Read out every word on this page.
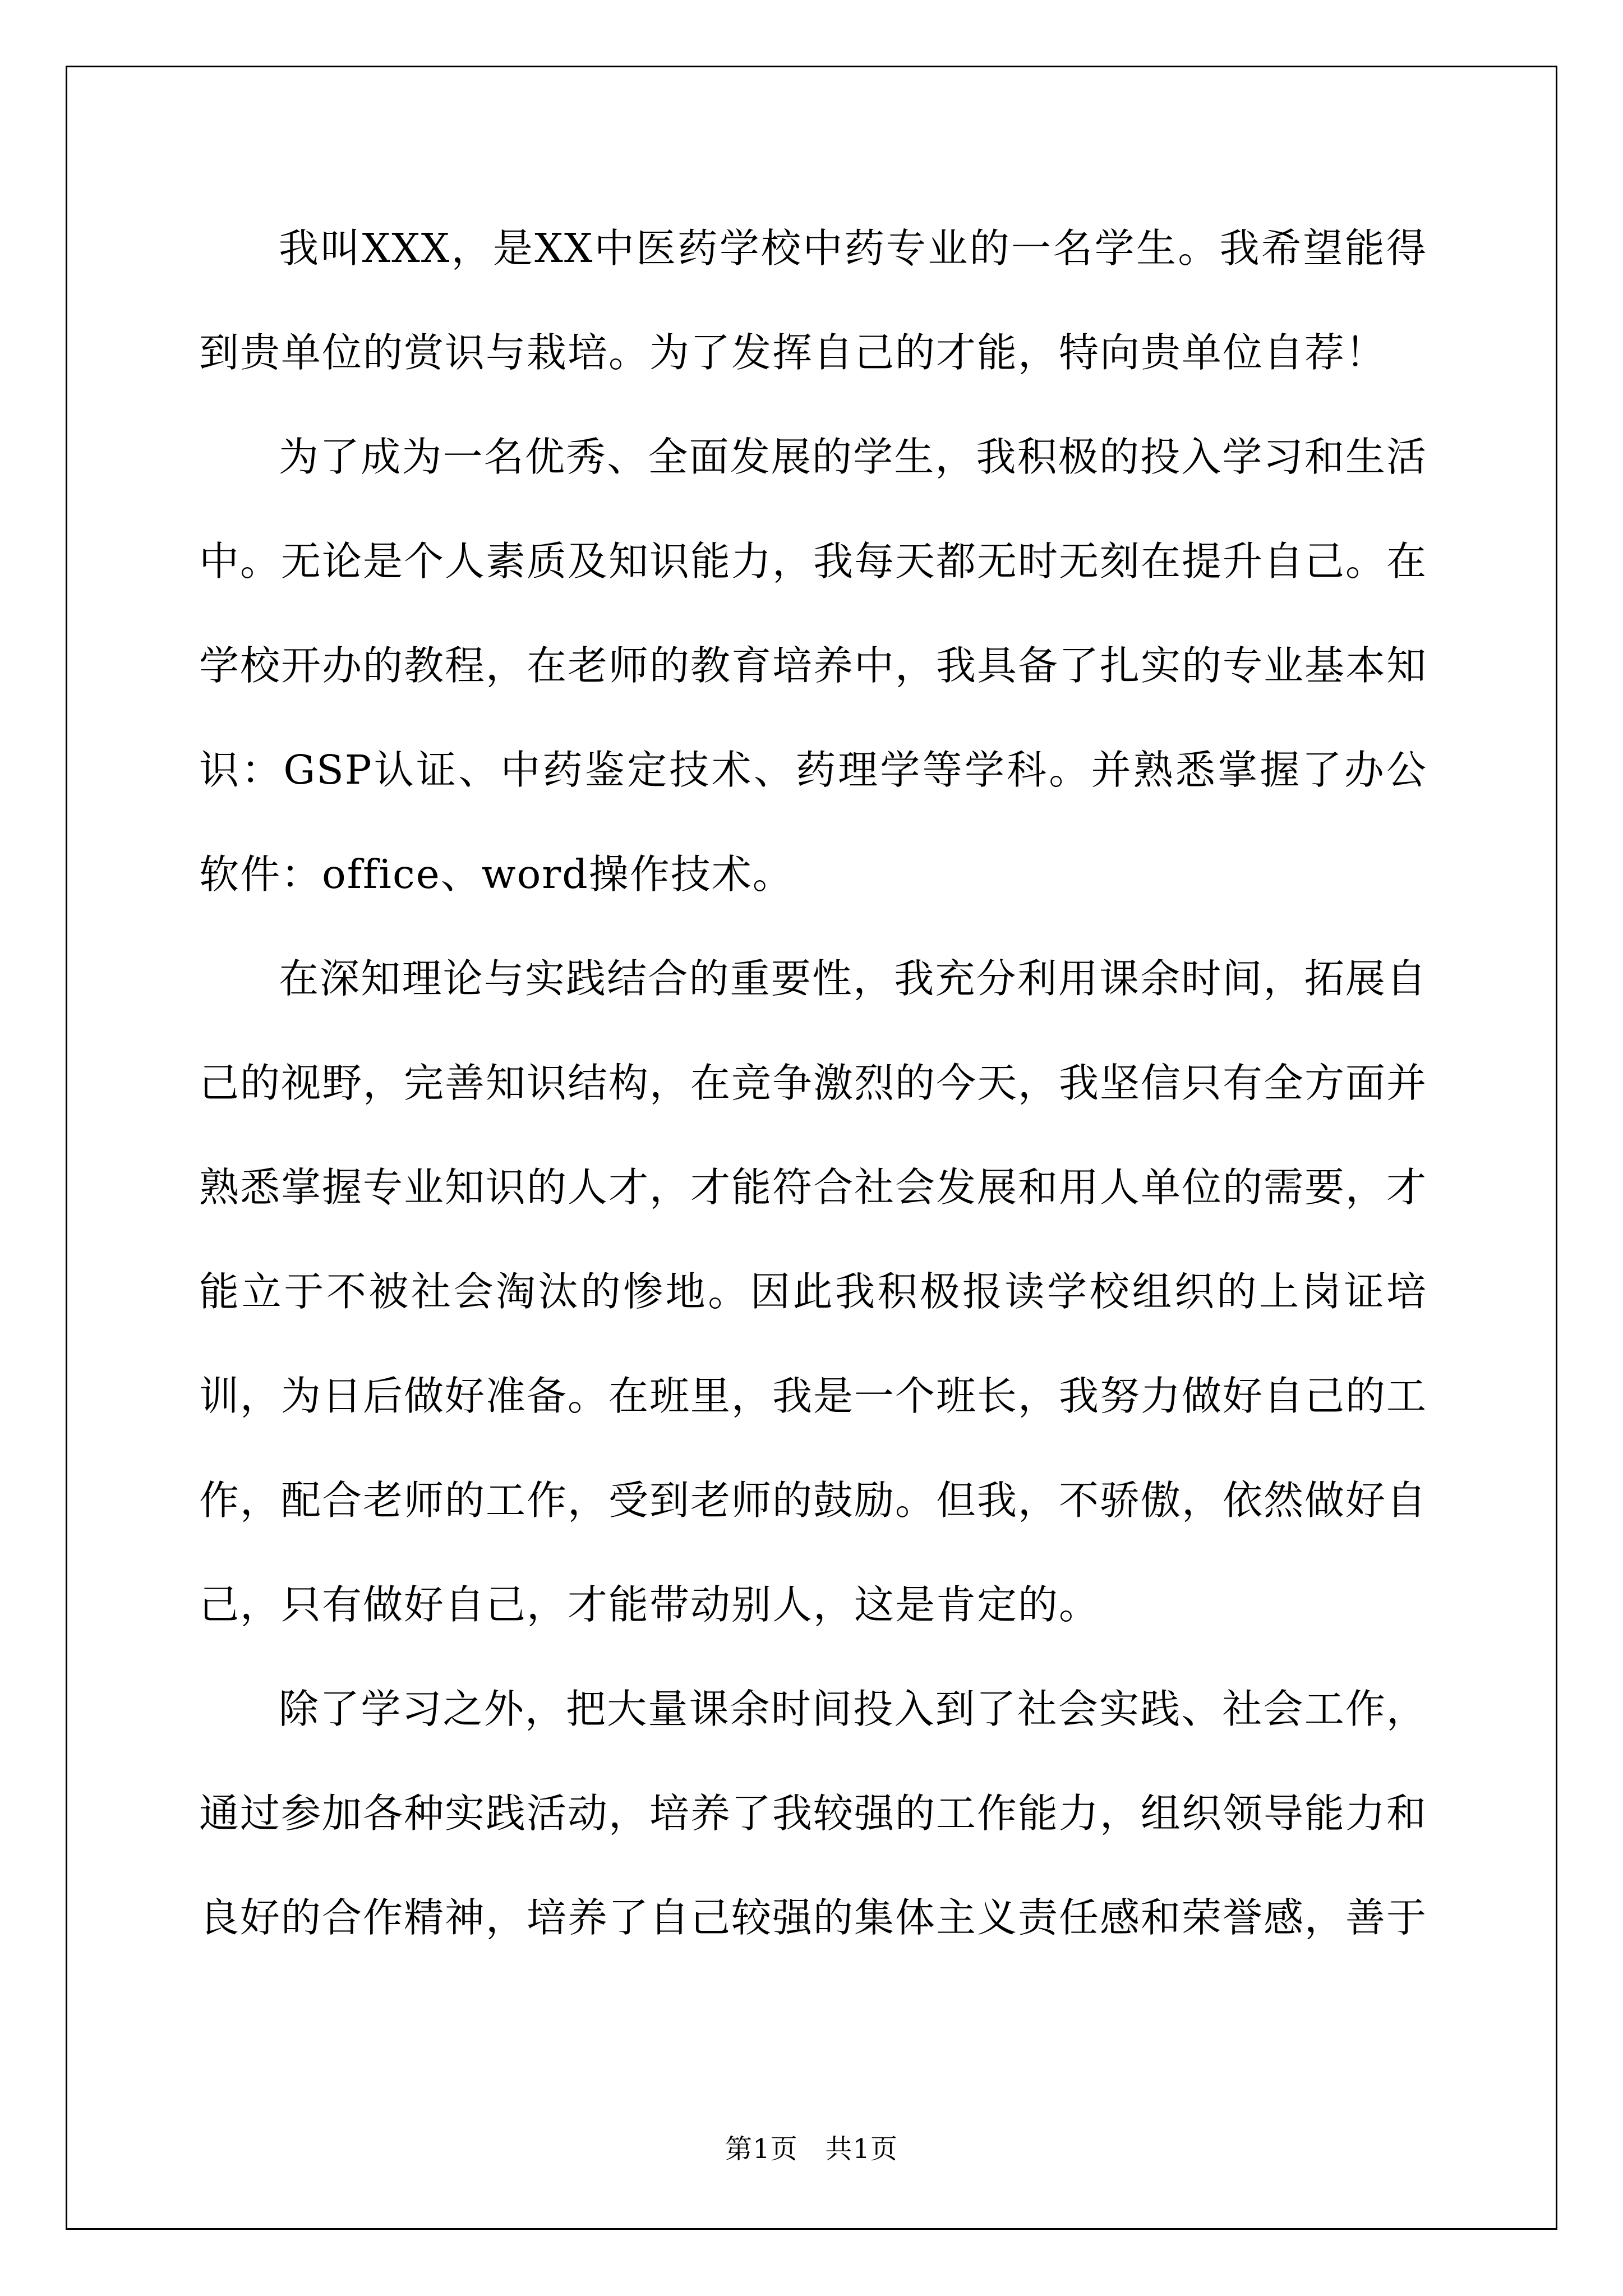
我叫XXX，是XX中医药学校中药专业的一名学生。我希望能得到贵单位的赏识与栽培。为了发挥自己的才能，特向贵单位自荐！

为了成为一名优秀、全面发展的学生，我积极的投入学习和生活中。无论是个人素质及知识能力，我每天都无时无刻在提升自己。在学校开办的教程，在老师的教育培养中，我具备了扎实的专业基本知识：GSP认证、中药鉴定技术、药理学等学科。并熟悉掌握了办公软件：office、word操作技术。

在深知理论与实践结合的重要性，我充分利用课余时间，拓展自己的视野，完善知识结构，在竞争激烈的今天，我坚信只有全方面并熟悉掌握专业知识的人才，才能符合社会发展和用人单位的需要，才能立于不被社会淘汰的惨地。因此我积极报读学校组织的上岗证培训，为日后做好准备。在班里，我是一个班长，我努力做好自己的工作，配合老师的工作，受到老师的鼓励。但我，不骄傲，依然做好自己，只有做好自己，才能带动别人，这是肯定的。

除了学习之外，把大量课余时间投入到了社会实践、社会工作，通过参加各种实践活动，培养了我较强的工作能力，组织领导能力和良好的合作精神，培养了自己较强的集体主义责任感和荣誉感，善于

第1页 共1页
